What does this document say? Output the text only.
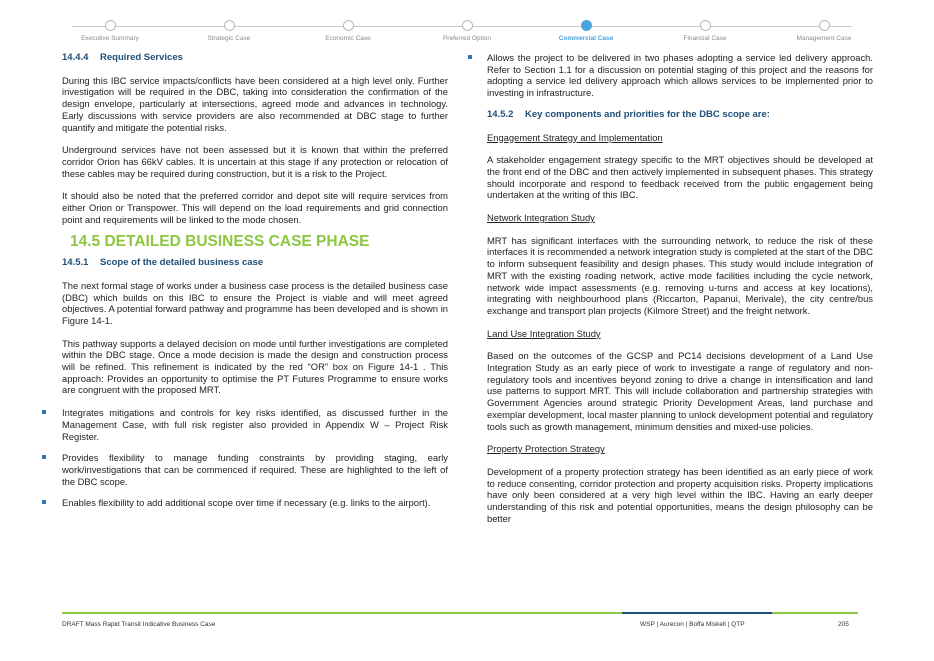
Executive Summary	Strategic Case	Economic Case	Preferred Option	Commercial Case	Financial Case	Management Case
14.4.4 Required Services
During this IBC service impacts/conflicts have been considered at a high level only. Further investigation will be required in the DBC, taking into consideration the confirmation of the design envelope, particularly at intersections, agreed mode and advances in technology. Early discussions with service providers are also recommended at DBC stage to further quantify and mitigate the potential risks.
Underground services have not been assessed but it is known that within the preferred corridor Orion has 66kV cables. It is uncertain at this stage if any protection or relocation of these cables may be required during construction, but it is a risk to the Project.
It should also be noted that the preferred corridor and depot site will require services from either Orion or Transpower. This will depend on the load requirements and grid connection point and requirements will be linked to the mode chosen.
14.5 DETAILED BUSINESS CASE PHASE
14.5.1 Scope of the detailed business case
The next formal stage of works under a business case process is the detailed business case (DBC) which builds on this IBC to ensure the Project is viable and will meet agreed objectives. A potential forward pathway and programme has been developed and is shown in Figure 14-1.
This pathway supports a delayed decision on mode until further investigations are completed within the DBC stage. Once a mode decision is made the design and construction process will be refined. This refinement is indicated by the red “OR” box on Figure 14-1 . This approach: Provides an opportunity to optimise the PT Futures Programme to ensure works are congruent with the proposed MRT.
Integrates mitigations and controls for key risks identified, as discussed further in the Management Case, with full risk register also provided in Appendix W – Project Risk Register.
Provides flexibility to manage funding constraints by providing staging, early work/investigations that can be commenced if required. These are highlighted to the left of the DBC scope.
Enables flexibility to add additional scope over time if necessary (e.g. links to the airport).
Allows the project to be delivered in two phases adopting a service led delivery approach. Refer to Section 1.1 for a discussion on potential staging of this project and the reasons for adopting a service led delivery approach which allows services to be implemented prior to investing in infrastructure.
14.5.2 Key components and priorities for the DBC scope are:
Engagement Strategy and Implementation
A stakeholder engagement strategy specific to the MRT objectives should be developed at the front end of the DBC and then actively implemented in subsequent phases. This strategy should incorporate and respond to feedback received from the public engagement being undertaken at the writing of this IBC.
Network Integration Study
MRT has significant interfaces with the surrounding network, to reduce the risk of these interfaces it is recommended a network integration study is completed at the start of the DBC to inform subsequent feasibility and design phases. This study would include integration of MRT with the existing roading network, active mode facilities including the cycle network, network wide impact assessments (e.g. removing u-turns and access at key locations), integrating with neighbourhood plans (Riccarton, Papanui, Merivale), the city centre/bus exchange and transport plan projects (Kilmore Street) and the freight network.
Land Use Integration Study
Based on the outcomes of the GCSP and PC14 decisions development of a Land Use Integration Study as an early piece of work to investigate a range of regulatory and non-regulatory tools and incentives beyond zoning to drive a change in intensification and land use patterns to support MRT. This will include collaboration and partnership strategies with Government Agencies around strategic Priority Development Areas, land purchase and exemplar development, local master planning to unlock development potential and regulatory tools such as growth management, minimum densities and mixed-use policies.
Property Protection Strategy
Development of a property protection strategy has been identified as an early piece of work to reduce consenting, corridor protection and property acquisition risks. Property implications have only been considered at a very high level within the IBC. Having an early deeper understanding of this risk and potential opportunities, means the design philosophy can be better
DRAFT Mass Rapid Transit Indicative Business Case	WSP | Aurecon | Boffa Miskell | QTP	205
